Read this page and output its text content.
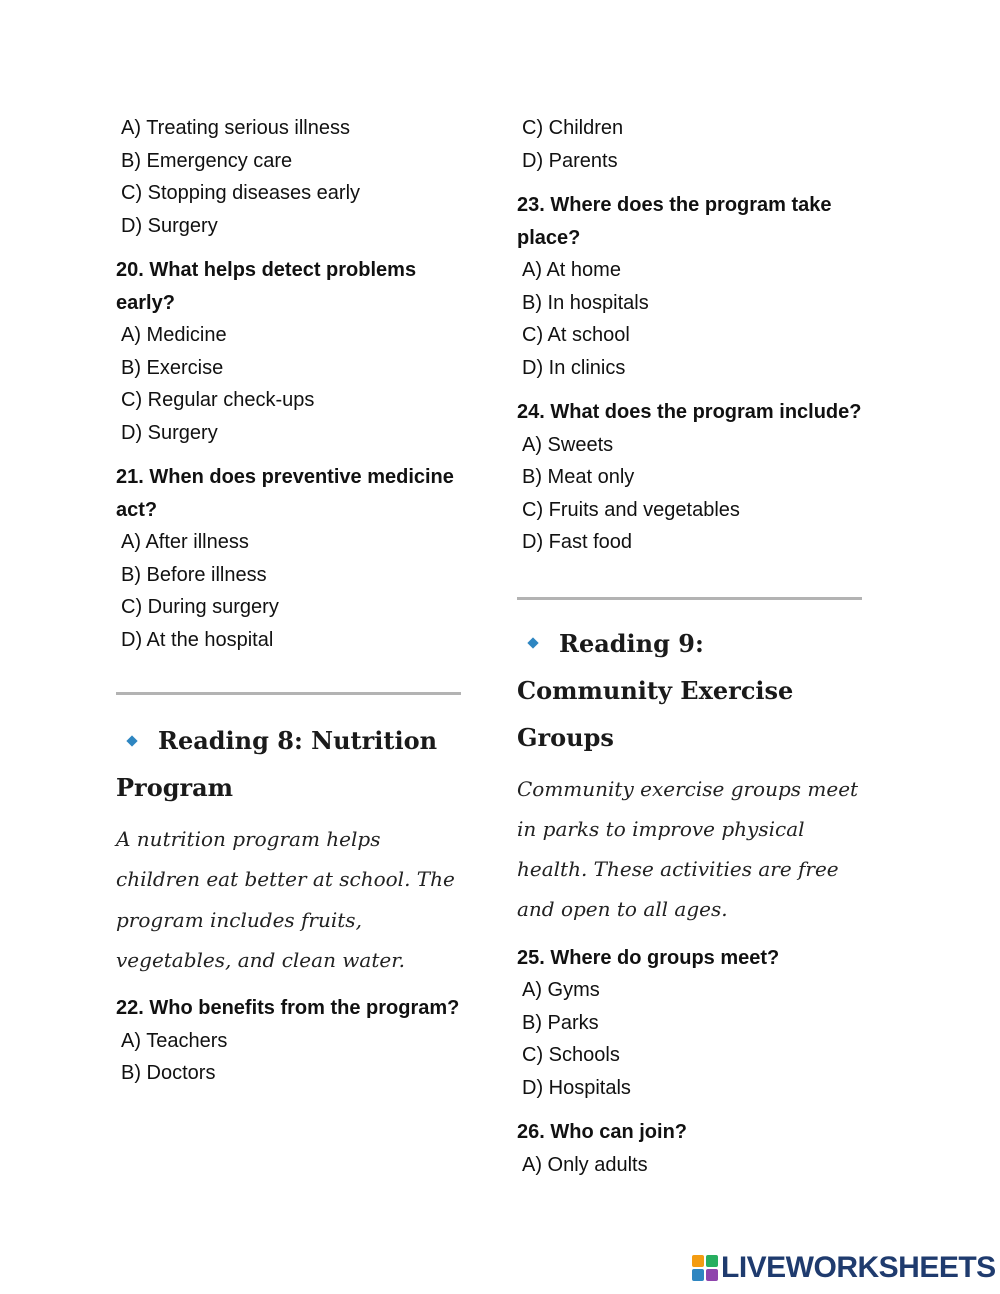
A) Treating serious illness
B) Emergency care
C) Stopping diseases early
D) Surgery
20. What helps detect problems early?
A) Medicine
B) Exercise
C) Regular check-ups
D) Surgery
21. When does preventive medicine act?
A) After illness
B) Before illness
C) During surgery
D) At the hospital
Reading 8: Nutrition Program
A nutrition program helps children eat better at school. The program includes fruits, vegetables, and clean water.
22. Who benefits from the program?
A) Teachers
B) Doctors
C) Children
D) Parents
23. Where does the program take place?
A) At home
B) In hospitals
C) At school
D) In clinics
24. What does the program include?
A) Sweets
B) Meat only
C) Fruits and vegetables
D) Fast food
Reading 9: Community Exercise Groups
Community exercise groups meet in parks to improve physical health. These activities are free and open to all ages.
25. Where do groups meet?
A) Gyms
B) Parks
C) Schools
D) Hospitals
26. Who can join?
A) Only adults
LIVEWORKSHEETS
